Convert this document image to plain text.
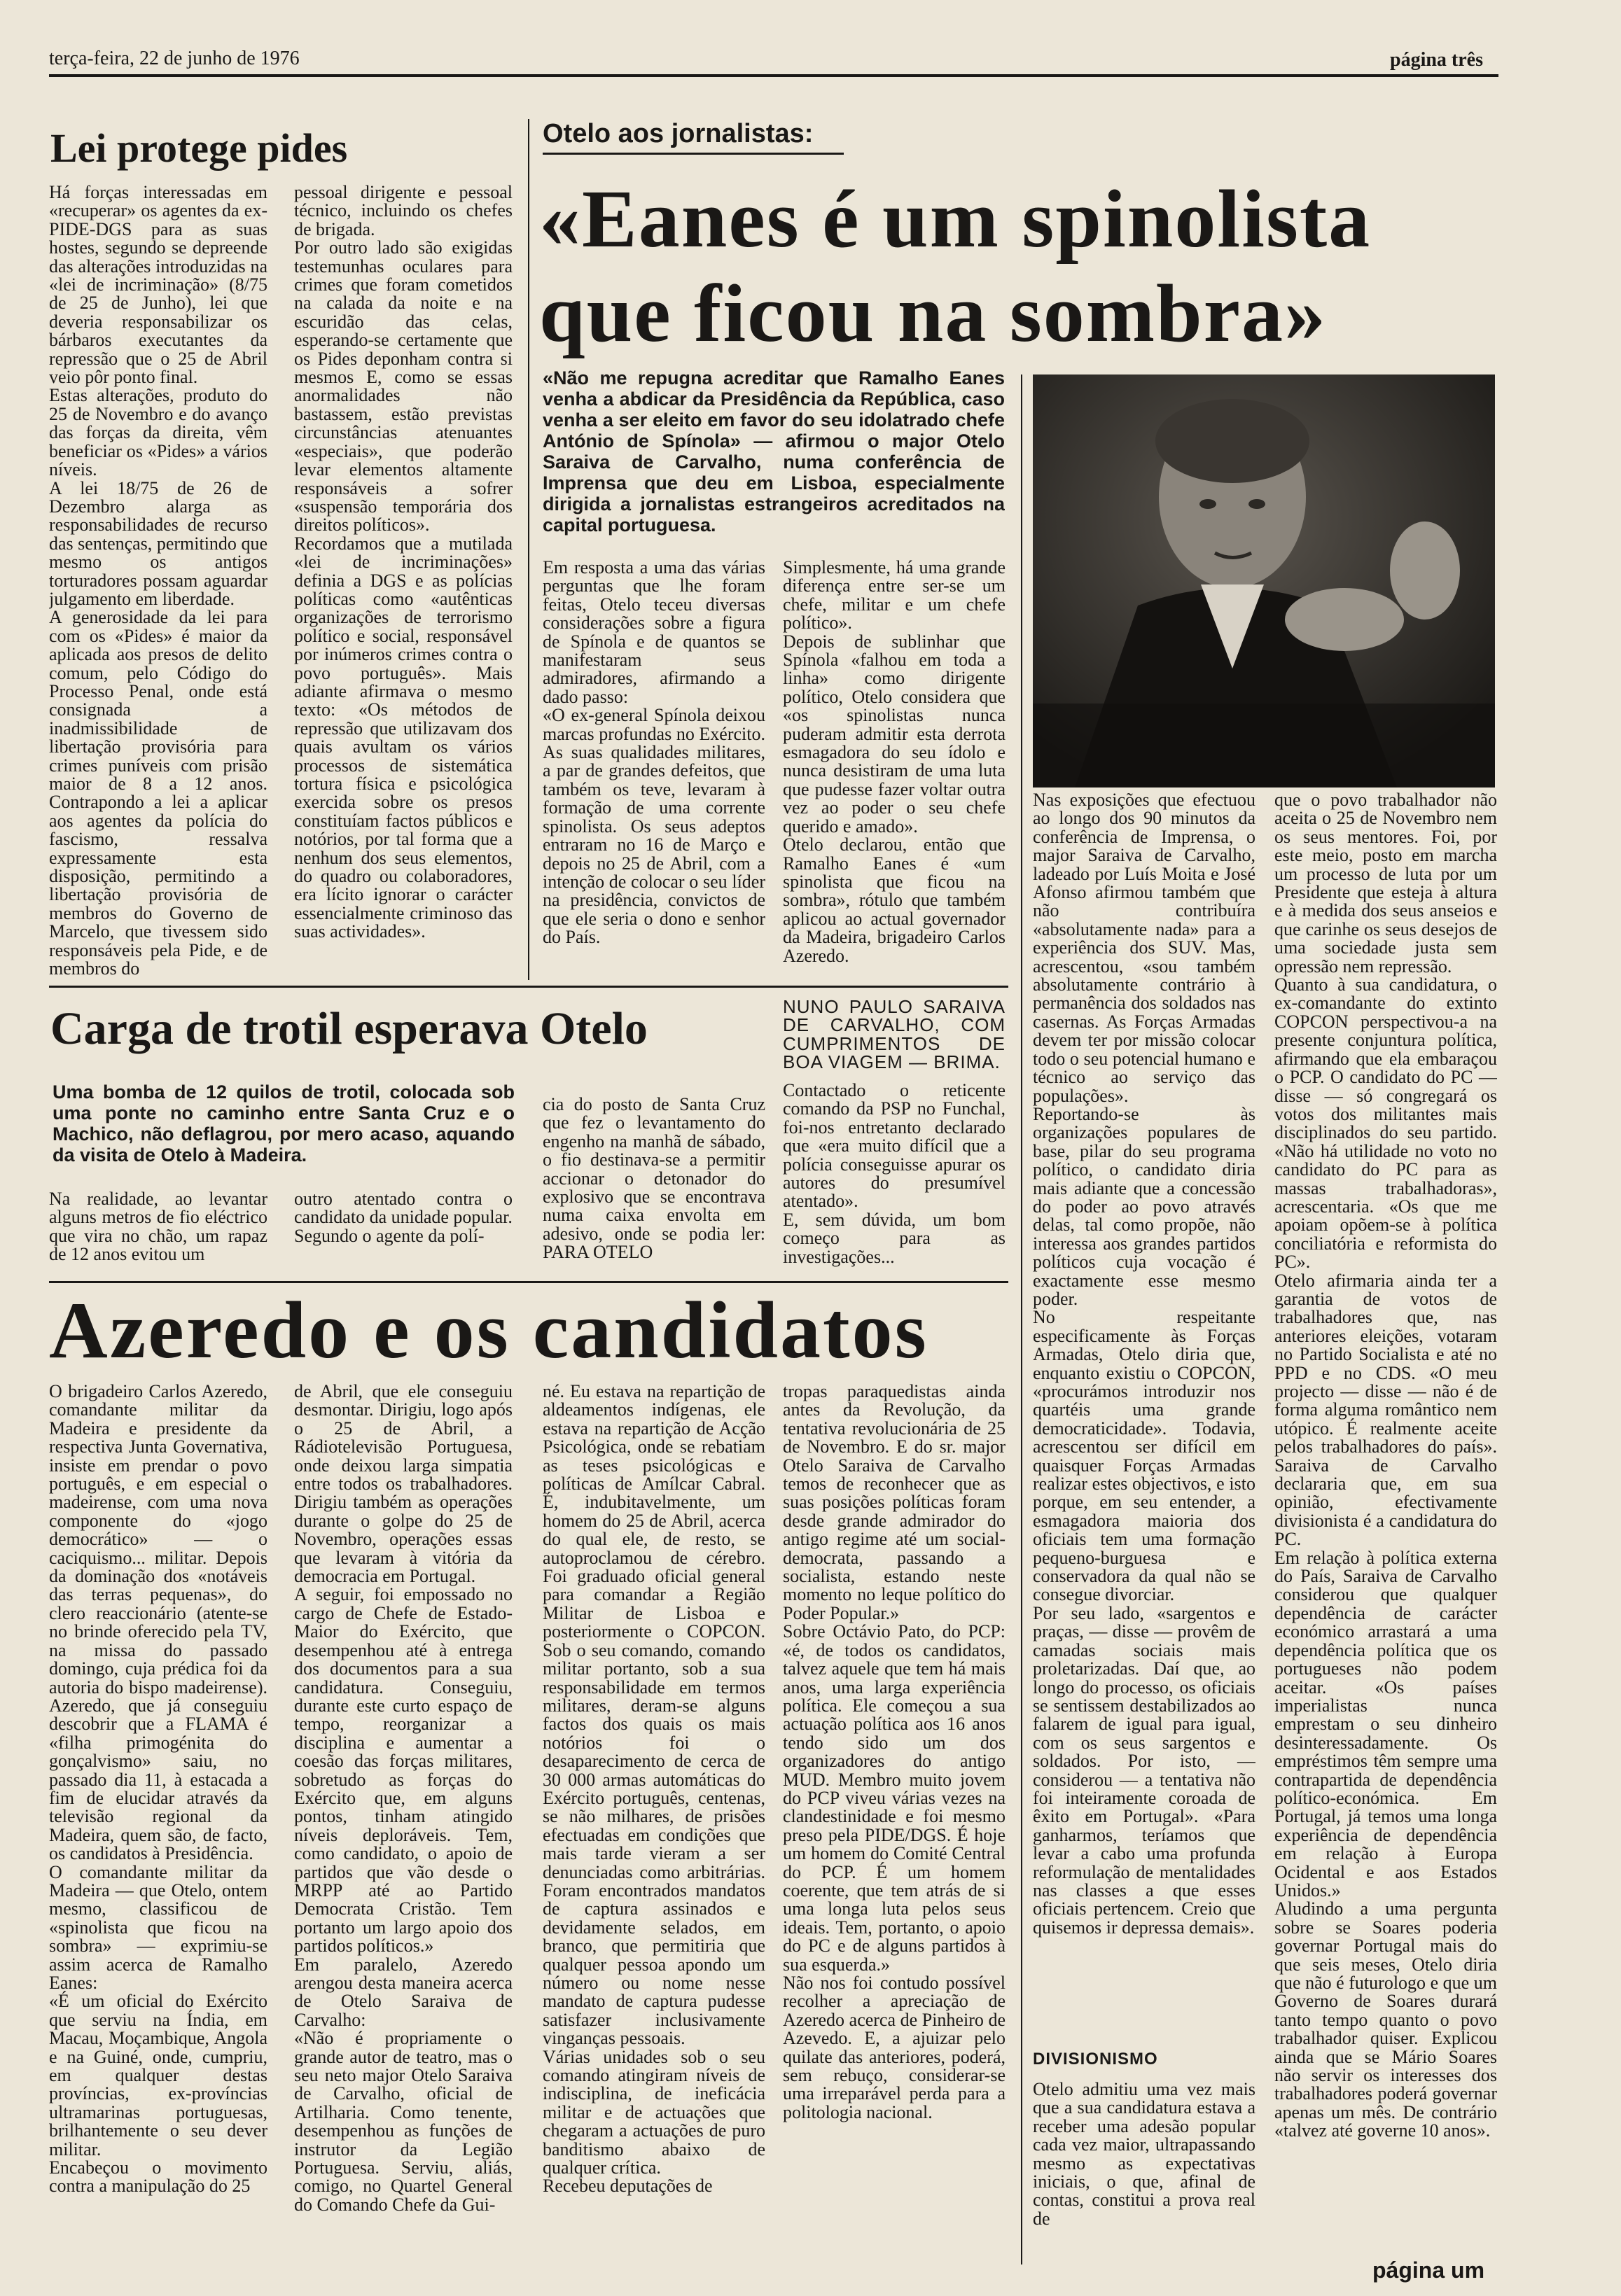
terça-feira, 22 de junho de 1976	página três
Lei protege pides
Há forças interessadas em «recuperar» os agentes da ex-PIDE-DGS para as suas hostes, segundo se depreende das alterações introduzidas na «lei de incriminação» (8/75 de 25 de Junho), lei que deveria responsabilizar os bárbaros executantes da repressão que o 25 de Abril veio pôr ponto final.
Estas alterações, produto do 25 de Novembro e do avanço das forças da direita, vêm beneficiar os «Pides» a vários níveis.
A lei 18/75 de 26 de Dezembro alarga as responsabilidades de recurso das sentenças, permitindo que mesmo os antigos torturadores possam aguardar julgamento em liberdade.
A generosidade da lei para com os «Pides» é maior da aplicada aos presos de delito comum, pelo Código do Processo Penal, onde está consignada a inadmissibilidade de libertação provisória para crimes puníveis com prisão maior de 8 a 12 anos. Contrapondo a lei a aplicar aos agentes da polícia do fascismo, ressalva expressamente esta disposição, permitindo a libertação provisória de membros do Governo de Marcelo, que tivessem sido responsáveis pela Pide, e de membros do
pessoal dirigente e pessoal técnico, incluindo os chefes de brigada.
Por outro lado são exigidas testemunhas oculares para crimes que foram cometidos na calada da noite e na escuridão das celas, esperando-se certamente que os Pides deponham contra si mesmos E, como se essas anormalidades não bastassem, estão previstas circunstâncias atenuantes «especiais», que poderão levar elementos altamente responsáveis a sofrer «suspensão temporária dos direitos políticos».
Recordamos que a mutilada «lei de incriminações» definia a DGS e as polícias políticas como «autênticas organizações de terrorismo político e social, responsável por inúmeros crimes contra o povo português». Mais adiante afirmava o mesmo texto: «Os métodos de repressão que utilizavam dos quais avultam os vários processos de sistemática tortura física e psicológica exercida sobre os presos constituíam factos públicos e notórios, por tal forma que a nenhum dos seus elementos, do quadro ou colaboradores, era lícito ignorar o carácter essencialmente criminoso das suas actividades».
Otelo aos jornalistas:
«Eanes é um spinolista
que ficou na sombra»
«Não me repugna acreditar que Ramalho Eanes venha a abdicar da Presidência da República, caso venha a ser eleito em favor do seu idolatrado chefe António de Spínola» — afirmou o major Otelo Saraiva de Carvalho, numa conferência de Imprensa que deu em Lisboa, especialmente dirigida a jornalistas estrangeiros acreditados na capital portuguesa.
Em resposta a uma das várias perguntas que lhe foram feitas, Otelo teceu diversas considerações sobre a figura de Spínola e de quantos se manifestaram seus admiradores, afirmando a dado passo:
«O ex-general Spínola deixou marcas profundas no Exército. As suas qualidades militares, a par de grandes defeitos, que também os teve, levaram à formação de uma corrente spinolista. Os seus adeptos entraram no 16 de Março e depois no 25 de Abril, com a intenção de colocar o seu líder na presidência, convictos de que ele seria o dono e senhor do País.
Simplesmente, há uma grande diferença entre ser-se um chefe, militar e um chefe político».
Depois de sublinhar que Spínola «falhou em toda a linha» como dirigente político, Otelo considera que «os spinolistas nunca puderam admitir esta derrota esmagadora do seu ídolo e nunca desistiram de uma luta que pudesse fazer voltar outra vez ao poder o seu chefe querido e amado».
Otelo declarou, então que Ramalho Eanes é «um spinolista que ficou na sombra», rótulo que também aplicou ao actual governador da Madeira, brigadeiro Carlos Azeredo.
Nas exposições que efectuou ao longo dos 90 minutos da conferência de Imprensa, o major Saraiva de Carvalho, ladeado por Luís Moita e José Afonso afirmou também que não contribuíra «absolutamente nada» para a experiência dos SUV. Mas, acrescentou, «sou também absolutamente contrário à permanência dos soldados nas casernas. As Forças Armadas devem ter por missão colocar todo o seu potencial humano e técnico ao serviço das populações».
Reportando-se às organizações populares de base, pilar do seu programa político, o candidato diria mais adiante que a concessão do poder ao povo através delas, tal como propõe, não interessa aos grandes partidos políticos cuja vocação é exactamente esse mesmo poder.
No respeitante especificamente às Forças Armadas, Otelo diria que, enquanto existiu o COPCON, «procurámos introduzir nos quartéis uma grande democraticidade». Todavia, acrescentou ser difícil em quaisquer Forças Armadas realizar estes objectivos, e isto porque, em seu entender, a esmagadora maioria dos oficiais tem uma formação pequeno-burguesa e conservadora da qual não se consegue divorciar.
Por seu lado, «sargentos e praças, — disse — provêm de camadas sociais mais proletarizadas. Daí que, ao longo do processo, os oficiais se sentissem destabilizados ao falarem de igual para igual, com os seus sargentos e soldados. Por isto, — considerou — a tentativa não foi inteiramente coroada de êxito em Portugal». «Para ganharmos, teríamos que levar a cabo uma profunda reformulação de mentalidades nas classes a que esses oficiais pertencem. Creio que quisemos ir depressa demais».
DIVISIONISMO
Otelo admitiu uma vez mais que a sua candidatura estava a receber uma adesão popular cada vez maior, ultrapassando mesmo as expectativas iniciais, o que, afinal de contas, constitui a prova real de
que o povo trabalhador não aceita o 25 de Novembro nem os seus mentores. Foi, por este meio, posto em marcha um processo de luta por um Presidente que esteja à altura e à medida dos seus anseios e que carinhe os seus desejos de uma sociedade justa sem opressão nem repressão.
Quanto à sua candidatura, o ex-comandante do extinto COPCON perspectivou-a na presente conjuntura política, afirmando que ela embaraçou o PCP. O candidato do PC — disse — só congregará os votos dos militantes mais disciplinados do seu partido. «Não há utilidade no voto no candidato do PC para as massas trabalhadoras», acrescentaria. «Os que me apoiam opõem-se à política conciliatória e reformista do PC».
Otelo afirmaria ainda ter a garantia de votos de trabalhadores que, nas anteriores eleições, votaram no Partido Socialista e até no PPD e no CDS. «O meu projecto — disse — não é de forma alguma romântico nem utópico. É realmente aceite pelos trabalhadores do país». Saraiva de Carvalho declararia que, em sua opinião, efectivamente divisionista é a candidatura do PC.
Em relação à política externa do País, Saraiva de Carvalho considerou que qualquer dependência de carácter económico arrastará a uma dependência política que os portugueses não podem aceitar. «Os países imperialistas nunca emprestam o seu dinheiro desinteressadamente. Os empréstimos têm sempre uma contrapartida de dependência político-económica. Em Portugal, já temos uma longa experiência de dependência em relação à Europa Ocidental e aos Estados Unidos.»
Aludindo a uma pergunta sobre se Soares poderia governar Portugal mais do que seis meses, Otelo diria que não é futurologo e que um Governo de Soares durará tanto tempo quanto o povo trabalhador quiser. Explicou ainda que se Mário Soares não servir os interesses dos trabalhadores poderá governar apenas um mês. De contrário «talvez até governe 10 anos».
Carga de trotil esperava Otelo
Uma bomba de 12 quilos de trotil, colocada sob uma ponte no caminho entre Santa Cruz e o Machico, não deflagrou, por mero acaso, aquando da visita de Otelo à Madeira.
Na realidade, ao levantar alguns metros de fio eléctrico que vira no chão, um rapaz de 12 anos evitou um
outro atentado contra o candidato da unidade popular.
Segundo o agente da polí-
cia do posto de Santa Cruz que fez o levantamento do engenho na manhã de sábado, o fio destinava-se a permitir accionar o detonador do explosivo que se encontrava numa caixa envolta em adesivo, onde se podia ler: PARA OTELO
NUNO PAULO SARAIVA DE CARVALHO, COM CUMPRIMENTOS DE BOA VIAGEM — BRIMA.
Contactado o reticente comando da PSP no Funchal, foi-nos entretanto declarado que «era muito difícil que a polícia conseguisse apurar os autores do presumível atentado».
E, sem dúvida, um bom começo para as investigações...
Azeredo e os candidatos
O brigadeiro Carlos Azeredo, comandante militar da Madeira e presidente da respectiva Junta Governativa, insiste em prendar o povo português, e em especial o madeirense, com uma nova componente do «jogo democrático» — o caciquismo... militar. Depois da dominação dos «notáveis das terras pequenas», do clero reaccionário (atente-se no brinde oferecido pela TV, na missa do passado domingo, cuja prédica foi da autoria do bispo madeirense). Azeredo, que já conseguiu descobrir que a FLAMA é «filha primogénita do gonçalvismo» saiu, no passado dia 11, à estacada a fim de elucidar através da televisão regional da Madeira, quem são, de facto, os candidatos à Presidência.
O comandante militar da Madeira — que Otelo, ontem mesmo, classificou de «spinolista que ficou na sombra» — exprimiu-se assim acerca de Ramalho Eanes:
«É um oficial do Exército que serviu na Índia, em Macau, Moçambique, Angola e na Guiné, onde, cumpriu, em qualquer destas províncias, ex-províncias ultramarinas portuguesas, brilhantemente o seu dever militar.
Encabeçou o movimento contra a manipulação do 25
de Abril, que ele conseguiu desmontar. Dirigiu, logo após o 25 de Abril, a Rádiotelevisão Portuguesa, onde deixou larga simpatia entre todos os trabalhadores. Dirigiu também as operações durante o golpe do 25 de Novembro, operações essas que levaram à vitória da democracia em Portugal.
A seguir, foi empossado no cargo de Chefe de Estado-Maior do Exército, que desempenhou até à entrega dos documentos para a sua candidatura. Conseguiu, durante este curto espaço de tempo, reorganizar a disciplina e aumentar a coesão das forças militares, sobretudo as forças do Exército que, em alguns pontos, tinham atingido níveis deploráveis. Tem, como candidato, o apoio de partidos que vão desde o MRPP até ao Partido Democrata Cristão. Tem portanto um largo apoio dos partidos políticos.»
Em paralelo, Azeredo arengou desta maneira acerca de Otelo Saraiva de Carvalho:
«Não é propriamente o grande autor de teatro, mas o seu neto major Otelo Saraiva de Carvalho, oficial de Artilharia. Como tenente, desempenhou as funções de instrutor da Legião Portuguesa. Serviu, aliás, comigo, no Quartel General do Comando Chefe da Gui-
né. Eu estava na repartição de aldeamentos indígenas, ele estava na repartição de Acção Psicológica, onde se rebatiam as teses psicológicas e políticas de Amílcar Cabral. É, indubitavelmente, um homem do 25 de Abril, acerca do qual ele, de resto, se autoproclamou de cérebro. Foi graduado oficial general para comandar a Região Militar de Lisboa e posteriormente o COPCON. Sob o seu comando, comando militar portanto, sob a sua responsabilidade em termos militares, deram-se alguns factos dos quais os mais notórios foi o desaparecimento de cerca de 30 000 armas automáticas do Exército português, centenas, se não milhares, de prisões efectuadas em condições que mais tarde vieram a ser denunciadas como arbitrárias. Foram encontrados mandatos de captura assinados e devidamente selados, em branco, que permitiria que qualquer pessoa apondo um número ou nome nesse mandato de captura pudesse satisfazer inclusivamente vinganças pessoais.
Várias unidades sob o seu comando atingiram níveis de indisciplina, de ineficácia militar e de actuações que chegaram a actuações de puro banditismo abaixo de qualquer crítica.
Recebeu deputações de
tropas paraquedistas ainda antes da Revolução, da tentativa revolucionária de 25 de Novembro. E do sr. major Otelo Saraiva de Carvalho temos de reconhecer que as suas posições políticas foram desde grande admirador do antigo regime até um social-democrata, passando a socialista, estando neste momento no leque político do Poder Popular.»
Sobre Octávio Pato, do PCP: «é, de todos os candidatos, talvez aquele que tem há mais anos, uma larga experiência política. Ele começou a sua actuação política aos 16 anos tendo sido um dos organizadores do antigo MUD. Membro muito jovem do PCP viveu várias vezes na clandestinidade e foi mesmo preso pela PIDE/DGS. É hoje um homem do Comité Central do PCP. É um homem coerente, que tem atrás de si uma longa luta pelos seus ideais. Tem, portanto, o apoio do PC e de alguns partidos à sua esquerda.»
Não nos foi contudo possível recolher a apreciação de Azeredo acerca de Pinheiro de Azevedo. E, a ajuizar pelo quilate das anteriores, poderá, sem rebuço, considerar-se uma irreparável perda para a politologia nacional.
página um
